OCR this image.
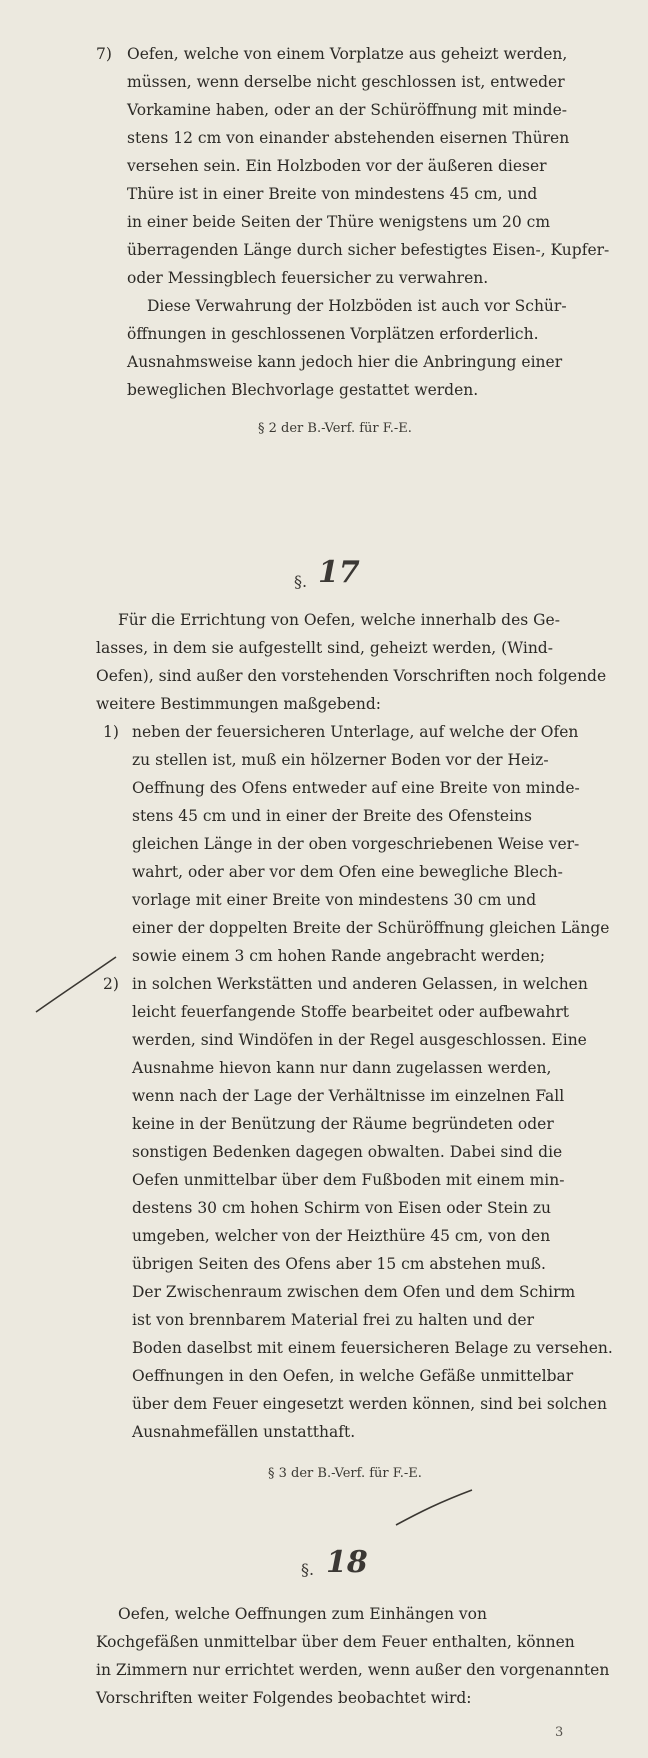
7) Oefen, welche von einem Vorplatze aus geheizt werden,
müssen, wenn derselbe nicht geschlossen ist, entweder
Vorkamine haben, oder an der Schüröffnung mit minde-
stens 12 cm von einander abstehenden eisernen Thüren
versehen sein. Ein Holzboden vor der äußeren dieser
Thüre ist in einer Breite von mindestens 45 cm, und
in einer beide Seiten der Thüre wenigstens um 20 cm
überragenden Länge durch sicher befestigtes Eisen-, Kupfer-
oder Messingblech feuersicher zu verwahren.
Diese Verwahrung der Holzböden ist auch vor Schür-
öffnungen in geschlossenen Vorplätzen erforderlich.
Ausnahmsweise kann jedoch hier die Anbringung einer
beweglichen Blechvorlage gestattet werden.
§ 2 der B.-Verf. für F.-E.
§. 17
Für die Errichtung von Oefen, welche innerhalb des Ge-
lasses, in dem sie aufgestellt sind, geheizt werden, (Wind-
Oefen), sind außer den vorstehenden Vorschriften noch folgende
weitere Bestimmungen maßgebend:
1) neben der feuersicheren Unterlage, auf welche der Ofen
zu stellen ist, muß ein hölzerner Boden vor der Heiz-
Oeffnung des Ofens entweder auf eine Breite von minde-
stens 45 cm und in einer der Breite des Ofensteins
gleichen Länge in der oben vorgeschriebenen Weise ver-
wahrt, oder aber vor dem Ofen eine bewegliche Blech-
vorlage mit einer Breite von mindestens 30 cm und
einer der doppelten Breite der Schüröffnung gleichen Länge
sowie einem 3 cm hohen Rande angebracht werden;
2) in solchen Werkstätten und anderen Gelassen, in welchen
leicht feuerfangende Stoffe bearbeitet oder aufbewahrt
werden, sind Windöfen in der Regel ausgeschlossen. Eine
Ausnahme hievon kann nur dann zugelassen werden,
wenn nach der Lage der Verhältnisse im einzelnen Fall
keine in der Benützung der Räume begründeten oder
sonstigen Bedenken dagegen obwalten. Dabei sind die
Oefen unmittelbar über dem Fußboden mit einem min-
destens 30 cm hohen Schirm von Eisen oder Stein zu
umgeben, welcher von der Heizthüre 45 cm, von den
übrigen Seiten des Ofens aber 15 cm abstehen muß.
Der Zwischenraum zwischen dem Ofen und dem Schirm
ist von brennbarem Material frei zu halten und der
Boden daselbst mit einem feuersicheren Belage zu versehen.
Oeffnungen in den Oefen, in welche Gefäße unmittelbar
über dem Feuer eingesetzt werden können, sind bei solchen
Ausnahmefällen unstatthaft.
§ 3 der B.-Verf. für F.-E.
§. 18
Oefen, welche Oeffnungen zum Einhängen von
Kochgefäßen unmittelbar über dem Feuer enthalten, können
in Zimmern nur errichtet werden, wenn außer den vorgenannten
Vorschriften weiter Folgendes beobachtet wird:
3
